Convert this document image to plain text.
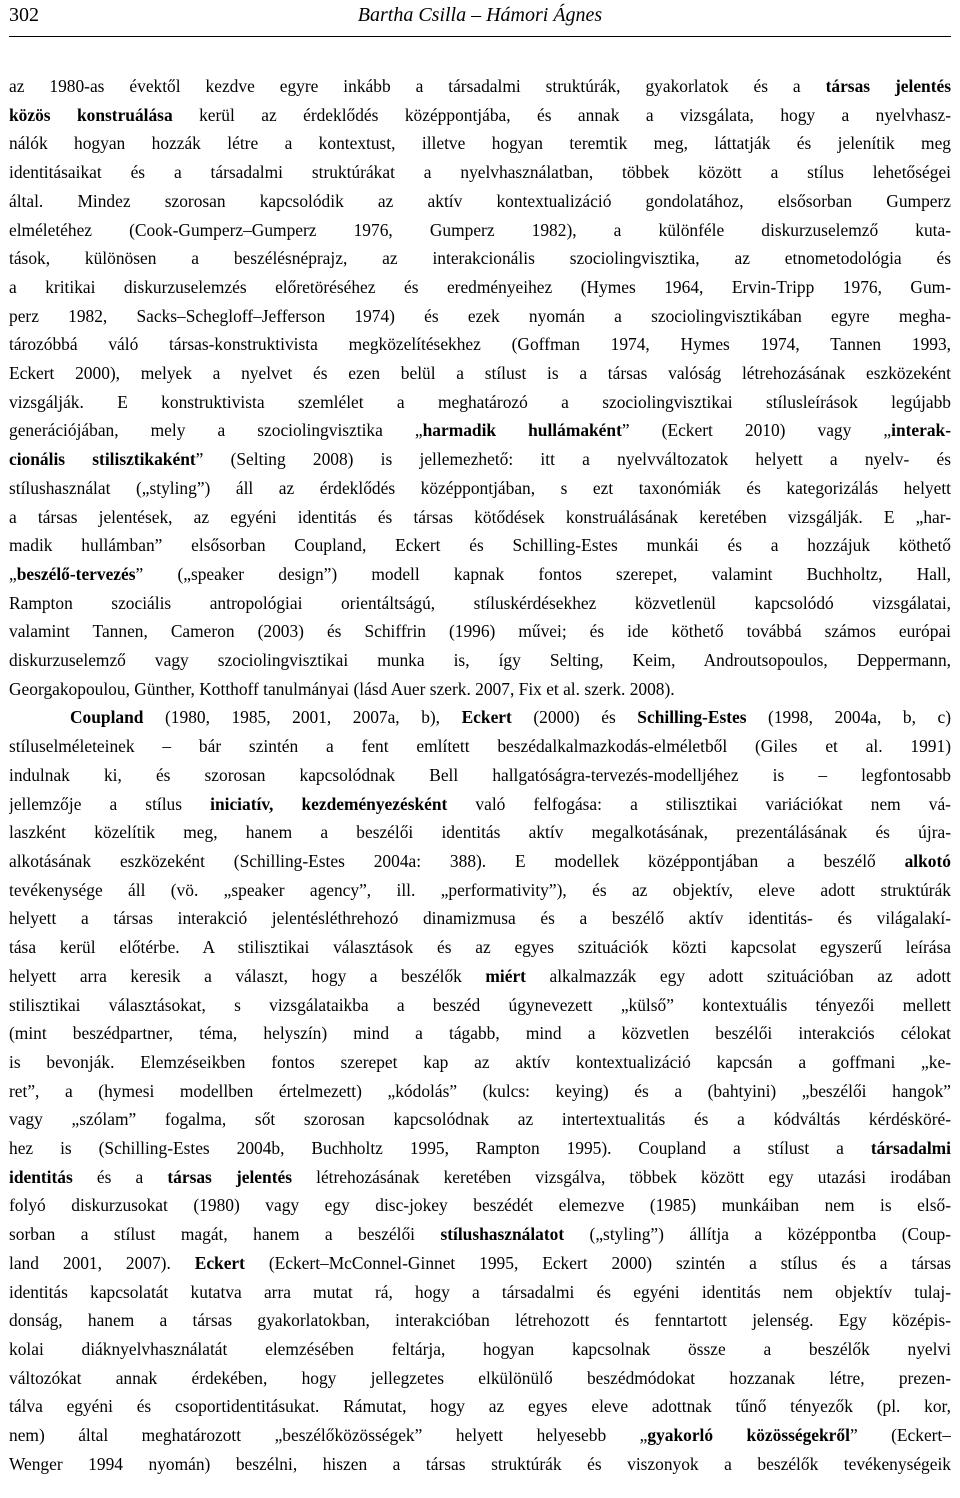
302	Bartha Csilla – Hámori Ágnes
az 1980-as évektől kezdve egyre inkább a társadalmi struktúrák, gyakorlatok és a társas jelentés
közös konstruálása kerül az érdeklődés középpontjába, és annak a vizsgálata, hogy a nyelvhasz-
nálók hogyan hozzák létre a kontextust, illetve hogyan teremtik meg, láttatják és jelenítik meg
identitásaikat és a társadalmi struktúrákat a nyelvhasználatban, többek között a stílus lehetőségei
által. Mindez szorosan kapcsolódik az aktív kontextualizáció gondolatához, elsősorban Gumperz
elméletéhez (Cook-Gumperz–Gumperz 1976, Gumperz 1982), a különféle diskurzuselemző kuta-
tások, különösen a beszélésnéprajz, az interakcionális szociolingvisztika, az etnometodológia és
a kritikai diskurzuselemzés előretöréséhez és eredményeihez (Hymes 1964, Ervin-Tripp 1976, Gum-
perz 1982, Sacks–Schegloff–Jefferson 1974) és ezek nyomán a szociolingvisztikában egyre megha-
tározóbbá váló társas-konstruktivista megközelítésekhez (Goffman 1974, Hymes 1974, Tannen 1993,
Eckert 2000), melyek a nyelvet és ezen belül a stílust is a társas valóság létrehozásának eszközeként
vizsgálják. E konstruktivista szemlélet a meghatározó a szociolingvisztikai stílusleírások legújabb
generációjában, mely a szociolingvisztika „harmadik hullámaként” (Eckert 2010) vagy „interak-
cionális stilisztikaként” (Selting 2008) is jellemezhető: itt a nyelvváltozatok helyett a nyelv- és
stílushasználat („styling”) áll az érdeklődés középpontjában, s ezt taxonómiák és kategorizálás helyett
a társas jelentések, az egyéni identitás és társas kötődések konstruálásának keretében vizsgálják. E „har-
madik hullámban” elsősorban Coupland, Eckert és Schilling-Estes munkái és a hozzájuk köthető
„beszélő-tervezés” („speaker design”) modell kapnak fontos szerepet, valamint Buchholtz, Hall,
Rampton szociális antropológiai orientáltságú, stíluskérdésekhez közvetlenül kapcsolódó vizsgálatai,
valamint Tannen, Cameron (2003) és Schiffrin (1996) művei; és ide köthető továbbá számos európai
diskurzuselemző vagy szociolingvisztikai munka is, így Selting, Keim, Androutsopoulos, Deppermann,
Georgakopoulou, Günther, Kotthoff tanulmányai (lásd Auer szerk. 2007, Fix et al. szerk. 2008).
Coupland (1980, 1985, 2001, 2007a, b), Eckert (2000) és Schilling-Estes (1998, 2004a, b, c)
stíluselméleteinek – bár szintén a fent említett beszédalkalmazkodás-elméletből (Giles et al. 1991)
indulnak ki, és szorosan kapcsolódnak Bell hallgatóságra-tervezés-modelljéhez is – legfontosabb
jellemzője a stílus iniciatív, kezdeményezésként való felfogása: a stilisztikai variációkat nem vá-
laszként közelítik meg, hanem a beszélői identitás aktív megalkotásának, prezentálásának és újra-
alkotásának eszközeként (Schilling-Estes 2004a: 388). E modellek középpontjában a beszélő alkotó
tevékenysége áll (vö. „speaker agency”, ill. „performativity”), és az objektív, eleve adott struktúrák
helyett a társas interakció jelentésléthrehozó dinamizmusa és a beszélő aktív identitás- és világalakí-
tása kerül előtérbe. A stilisztikai választások és az egyes szituációk közti kapcsolat egyszerű leírása
helyett arra keresik a választ, hogy a beszélők miért alkalmazzák egy adott szituációban az adott
stilisztikai választásokat, s vizsgálataikba a beszéd úgynevezett „külső” kontextuális tényezői mellett
(mint beszédpartner, téma, helyszín) mind a tágabb, mind a közvetlen beszélői interakciós célokat
is bevonják. Elemzéseikben fontos szerepet kap az aktív kontextualizáció kapcsán a goffmani „ke-
ret”, a (hymesi modellben értelmezett) „kódolás” (kulcs: keying) és a (bahtyini) „beszélői hangok”
vagy „szólam” fogalma, sőt szorosan kapcsolódnak az intertextualitás és a kódváltás kérdésköré-
hez is (Schilling-Estes 2004b, Buchholtz 1995, Rampton 1995). Coupland a stílust a társadalmi
identitás és a társas jelentés létrehozásának keretében vizsgálva, többek között egy utazási irodában
folyó diskurzusokat (1980) vagy egy disc-jokey beszédét elemezve (1985) munkáiban nem is első-
sorban a stílust magát, hanem a beszélői stílushasználatot („styling”) állítja a középpontba (Coup-
land 2001, 2007). Eckert (Eckert–McConnel-Ginnet 1995, Eckert 2000) szintén a stílus és a társas
identitás kapcsolatát kutatva arra mutat rá, hogy a társadalmi és egyéni identitás nem objektív tulaj-
donság, hanem a társas gyakorlatokban, interakcióban létrehozott és fenntartott jelenség. Egy középis-
kolai diáknyelvhasználatát elemzésében feltárja, hogyan kapcsolnak össze a beszélők nyelvi
változókat annak érdekében, hogy jellegzetes elkülönülő beszédmódokat hozzanak létre, prezen-
tálva egyéni és csoportidentitásukat. Rámutat, hogy az egyes eleve adottnak tűnő tényezők (pl. kor,
nem) által meghatározott „beszélőközösségek” helyett helyesebb „gyakorló közösségekről” (Eckert–
Wenger 1994 nyomán) beszélni, hiszen a társas struktúrák és viszonyok a beszélők tevékenységeik
